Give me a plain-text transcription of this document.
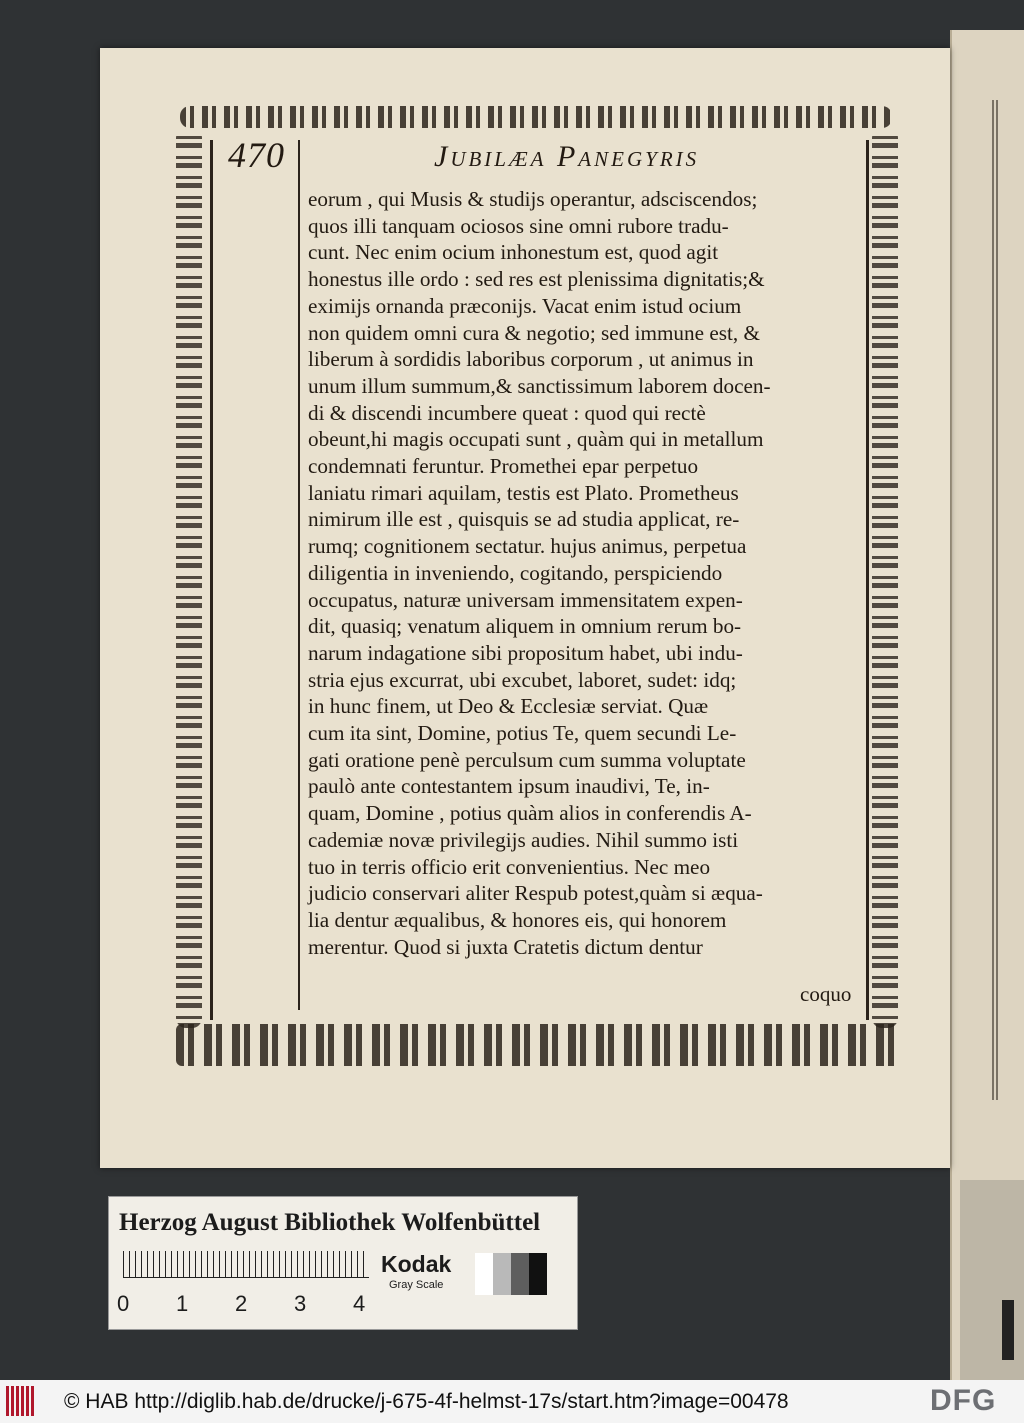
470	Jubilæa Panegyris
eorum , qui Musis & studijs operantur, adsciscendos;
quos illi tanquam ociosos sine omni rubore tradu-
cunt. Nec enim ocium inhonestum est, quod agit
honestus ille ordo : sed res est plenissima dignitatis;&
eximijs ornanda præconijs. Vacat enim istud ocium
non quidem omni cura & negotio; sed immune est, &
liberum à sordidis laboribus corporum , ut animus in
unum illum summum,& sanctissimum laborem docen-
di & discendi incumbere queat : quod qui rectè
obeunt,hi magis occupati sunt , quàm qui in metallum
condemnati feruntur. Promethei epar perpetuo
laniatu rimari aquilam, testis est Plato. Prometheus
nimirum ille est , quisquis se ad studia applicat, re-
rumq; cognitionem sectatur. hujus animus, perpetua
diligentia in inveniendo, cogitando, perspiciendo
occupatus, naturæ universam immensitatem expen-
dit, quasiq; venatum aliquem in omnium rerum bo-
narum indagatione sibi propositum habet, ubi indu-
stria ejus excurrat, ubi excubet, laboret, sudet: idq;
in hunc finem, ut Deo & Ecclesiæ serviat. Quæ
cum ita sint, Domine, potius Te, quem secundi Le-
gati oratione penè perculsum cum summa voluptate
paulò ante contestantem ipsum inaudivi, Te, in-
quam, Domine , potius quàm alios in conferendis A-
cademiæ novæ privilegijs audies. Nihil summo isti
tuo in terris officio erit convenientius. Nec meo
judicio conservari aliter Respub potest,quàm si æqua-
lia dentur æqualibus, & honores eis, qui honorem
merentur. Quod si juxta Cratetis dictum dentur
coquo
Herzog August Bibliothek Wolfenbüttel
0 1 2 3 4
Kodak
Gray Scale
© HAB http://diglib.hab.de/drucke/j-675-4f-helmst-17s/start.htm?image=00478	DFG
